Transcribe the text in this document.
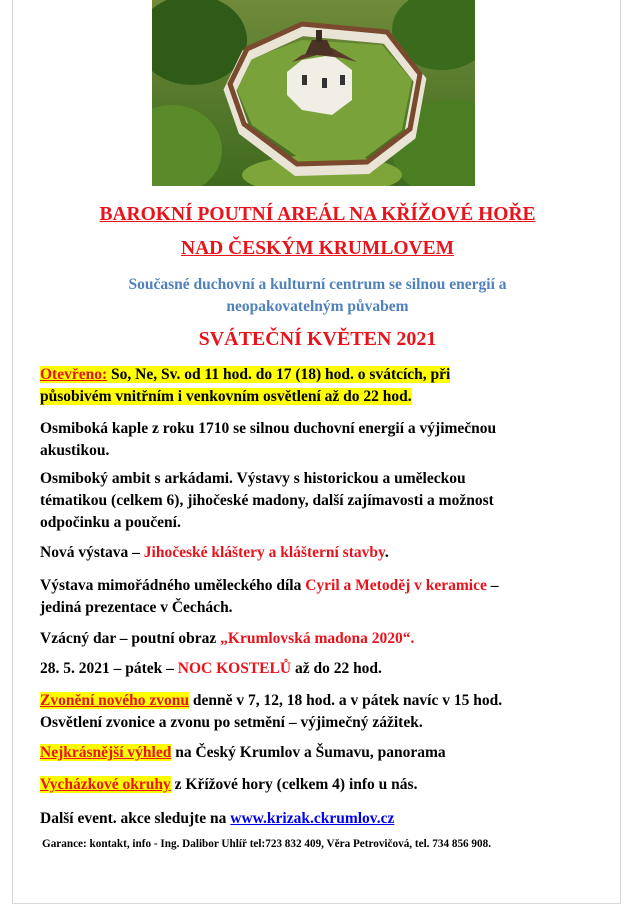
BAROKNÍ POUTNÍ AREÁL NA KŘÍŽOVÉ HOŘE
NAD ČESKÝM KRUMLOVEM
Současné duchovní a kulturní centrum se silnou energií a
neopakovatelným půvabem
SVÁTEČNÍ KVĚTEN 2021
Otevřeno: So, Ne, Sv. od 11 hod. do 17 (18) hod. o svátcích, při
působivém vnitřním i venkovním osvětlení až do 22 hod.
Osmiboká kaple z roku 1710 se silnou duchovní energií a výjimečnou
akustikou.
Osmiboký ambit s arkádami. Výstavy s historickou a uměleckou
tématikou (celkem 6), jihočeské madony, další zajímavosti a možnost
odpočinku a poučení.
Nová výstava – Jihočeské kláštery a klášterní stavby.
Výstava mimořádného uměleckého díla Cyril a Metoděj v keramice –
jediná prezentace v Čechách.
Vzácný dar – poutní obraz „Krumlovská madona 2020“.
28. 5. 2021 – pátek – NOC KOSTELŮ až do 22 hod.
Zvonění nového zvonu denně v 7, 12, 18 hod. a v pátek navíc v 15 hod.
Osvětlení zvonice a zvonu po setmění – výjimečný zážitek.
Nejkrásnější výhled na Český Krumlov a Šumavu, panorama
Vycházkové okruhy z Křížové hory (celkem 4) info u nás.
Další event. akce sledujte na www.krizak.ckrumlov.cz
Garance: kontakt, info - Ing. Dalibor Uhlíř tel:723 832 409, Věra Petrovičová, tel. 734 856 908.
